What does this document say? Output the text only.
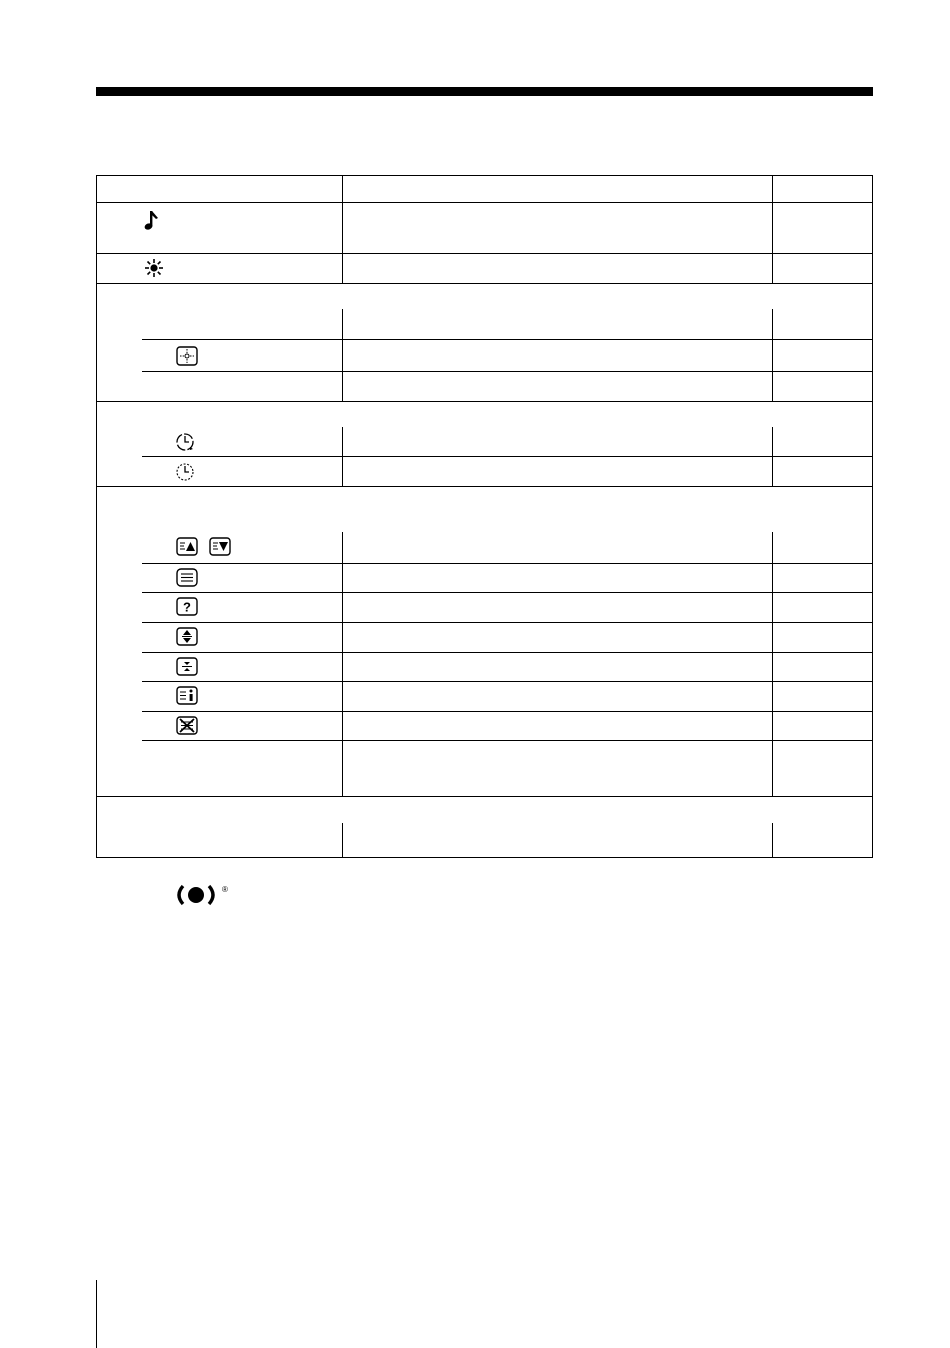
?
®
